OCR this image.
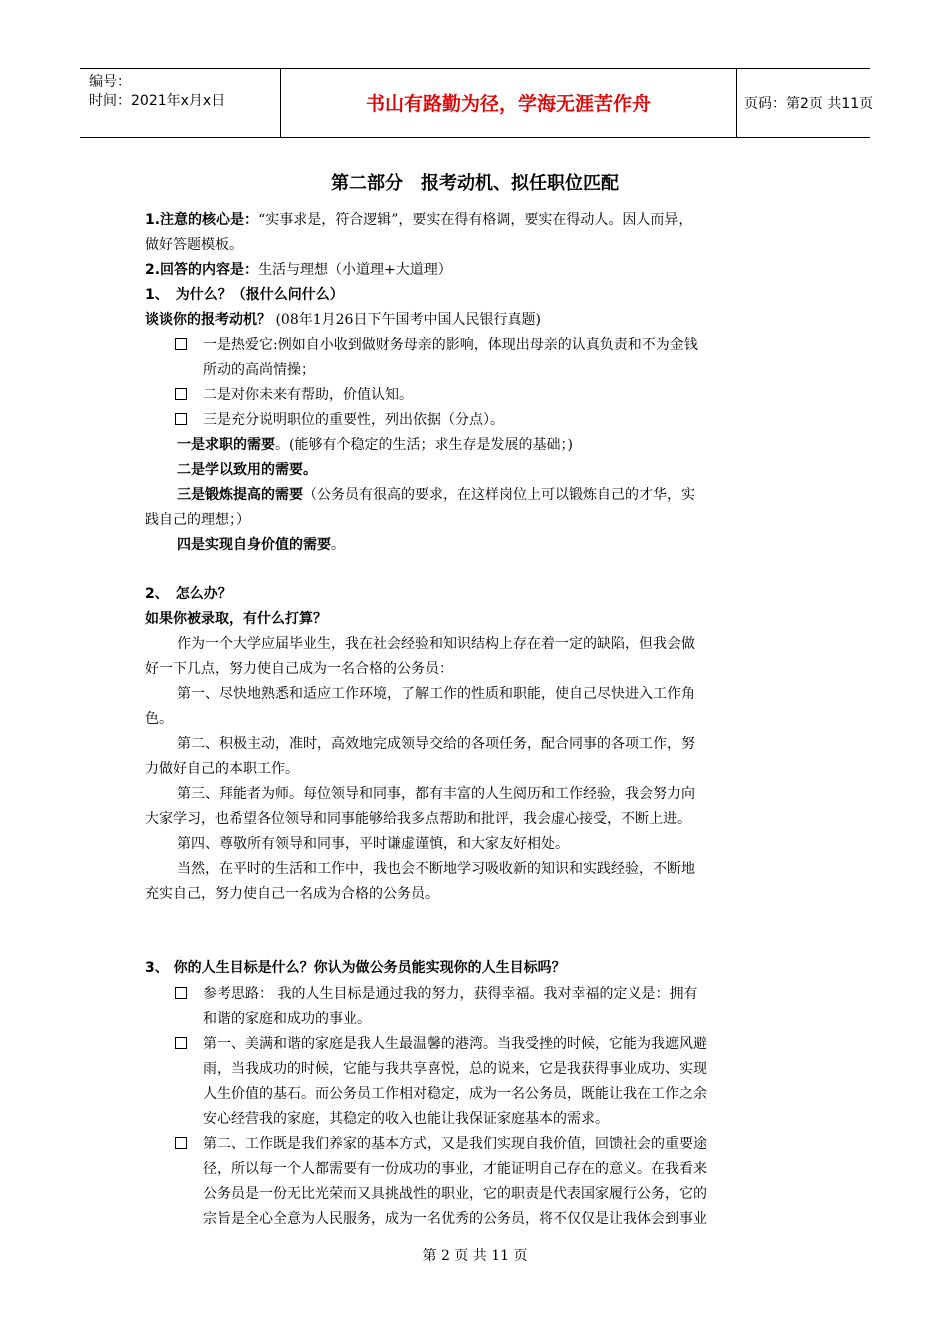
编号：
时间：2021年x月x日	书山有路勤为径，学海无涯苦作舟	页码：第2页 共11页
第二部分　报考动机、拟任职位匹配
1.注意的核心是：“实事求是，符合逻辑”，要实在得有格调，要实在得动人。因人而异，
做好答题模板。
2.回答的内容是：生活与理想（小道理+大道理）
1、　为什么？（报什么问什么）
谈谈你的报考动机？ (08年1月26日下午国考中国人民银行真题)
一是热爱它:例如自小收到做财务母亲的影响，体现出母亲的认真负责和不为金钱
所动的高尚情操；
二是对你未来有帮助，价值认知。
三是充分说明职位的重要性，列出依据（分点）。
一是求职的需要。(能够有个稳定的生活；求生存是发展的基础；)
二是学以致用的需要。
三是锻炼提高的需要（公务员有很高的要求，在这样岗位上可以锻炼自己的才华，实
践自己的理想；）
四是实现自身价值的需要。
2、　怎么办？
如果你被录取，有什么打算？
作为一个大学应届毕业生，我在社会经验和知识结构上存在着一定的缺陷，但我会做
好一下几点，努力使自己成为一名合格的公务员：
第一、尽快地熟悉和适应工作环境，了解工作的性质和职能，使自己尽快进入工作角
色。
第二、积极主动，准时，高效地完成领导交给的各项任务，配合同事的各项工作，努
力做好自己的本职工作。
第三、拜能者为师。每位领导和同事，都有丰富的人生阅历和工作经验，我会努力向
大家学习，也希望各位领导和同事能够给我多点帮助和批评，我会虚心接受，不断上进。
第四、尊敬所有领导和同事，平时谦虚谨慎，和大家友好相处。
当然，在平时的生活和工作中，我也会不断地学习吸收新的知识和实践经验，不断地
充实自己，努力使自己一名成为合格的公务员。
3、 你的人生目标是什么？你认为做公务员能实现你的人生目标吗？
参考思路： 我的人生目标是通过我的努力，获得幸福。我对幸福的定义是：拥有
和谐的家庭和成功的事业。
第一、美满和谐的家庭是我人生最温馨的港湾。当我受挫的时候，它能为我遮风避
雨，当我成功的时候，它能与我共享喜悦，总的说来，它是我获得事业成功、实现
人生价值的基石。而公务员工作相对稳定，成为一名公务员，既能让我在工作之余
安心经营我的家庭，其稳定的收入也能让我保证家庭基本的需求。
第二、工作既是我们养家的基本方式，又是我们实现自我价值，回馈社会的重要途
径，所以每一个人都需要有一份成功的事业，才能证明自己存在的意义。在我看来
公务员是一份无比光荣而又具挑战性的职业，它的职责是代表国家履行公务，它的
宗旨是全心全意为人民服务，成为一名优秀的公务员，将不仅仅是让我体会到事业
第 2 页 共 11 页
